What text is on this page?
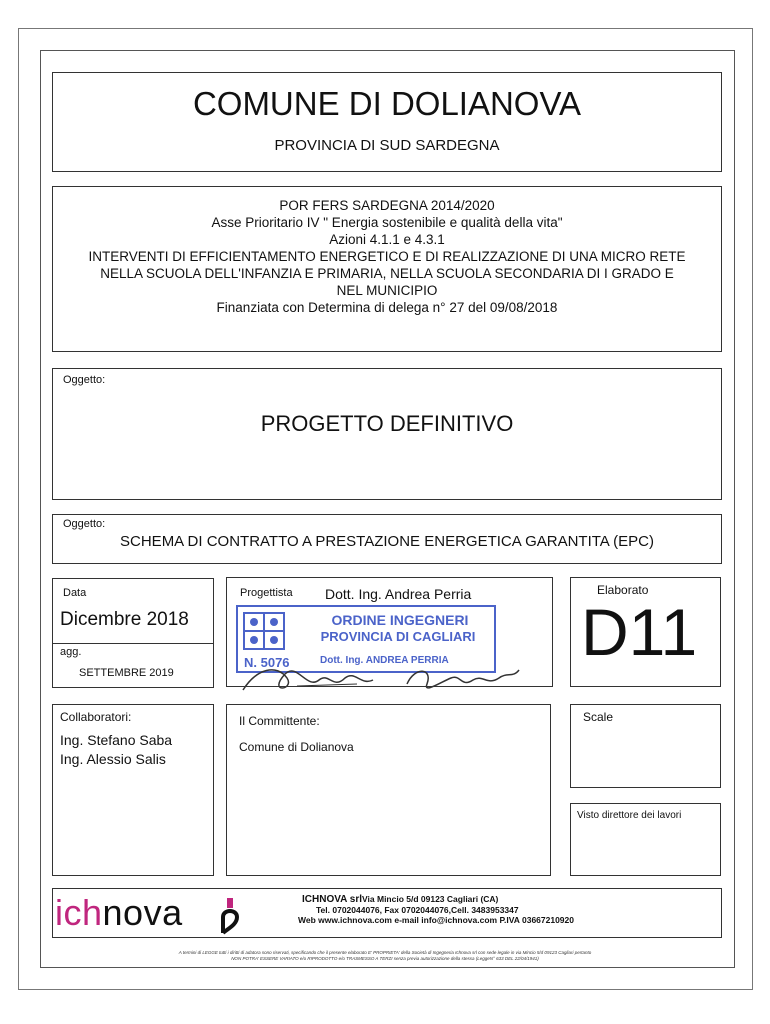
COMUNE DI DOLIANOVA
PROVINCIA DI SUD SARDEGNA
POR FERS SARDEGNA 2014/2020
Asse Prioritario IV " Energia sostenibile e qualità della vita"
Azioni 4.1.1 e 4.3.1
INTERVENTI DI EFFICIENTAMENTO ENERGETICO E DI REALIZZAZIONE DI UNA MICRO RETE
NELLA SCUOLA DELL'INFANZIA E PRIMARIA, NELLA SCUOLA SECONDARIA DI I GRADO E
NEL MUNICIPIO
Finanziata con Determina di delega n° 27 del 09/08/2018
Oggetto:
PROGETTO DEFINITIVO
Oggetto:
SCHEMA DI CONTRATTO A PRESTAZIONE ENERGETICA GARANTITA (EPC)
Data
Dicembre 2018
agg.
SETTEMBRE 2019
Progettista Dott. Ing. Andrea Perria
ORDINE INGEGNERI
PROVINCIA DI CAGLIARI
N. 5076	Dott. Ing. ANDREA PERRIA
Elaborato
D11
Collaboratori:
Ing. Stefano Saba
Ing. Alessio Salis
Il Committente:
Comune di Dolianova
Scale
Visto direttore dei lavori
ichnova	ICHNOVA srlVia Mincio 5/d 09123 Cagliari (CA)
Tel. 0702044076, Fax 0702044076,Cell. 3483953347
Web www.ichnova.com e-mail info@ichnova.com P.IVA 03667210920
A termini di LEGGE tutti i diritti di adatora sono riservati, specificando che il presente elaborato E' PROPRIETA' della Società di Ingegneria Ichnova srl con sede legale in via Mincio 5/d 09123 Cagliari pertanto
NON POTRA' ESSERE VARIATO e/o RIPRODOTTO e/o TRASMESSO A TERZI senza previa autorizzazione della stessa (LeggeN° 633 DEL 22/04/1941)
